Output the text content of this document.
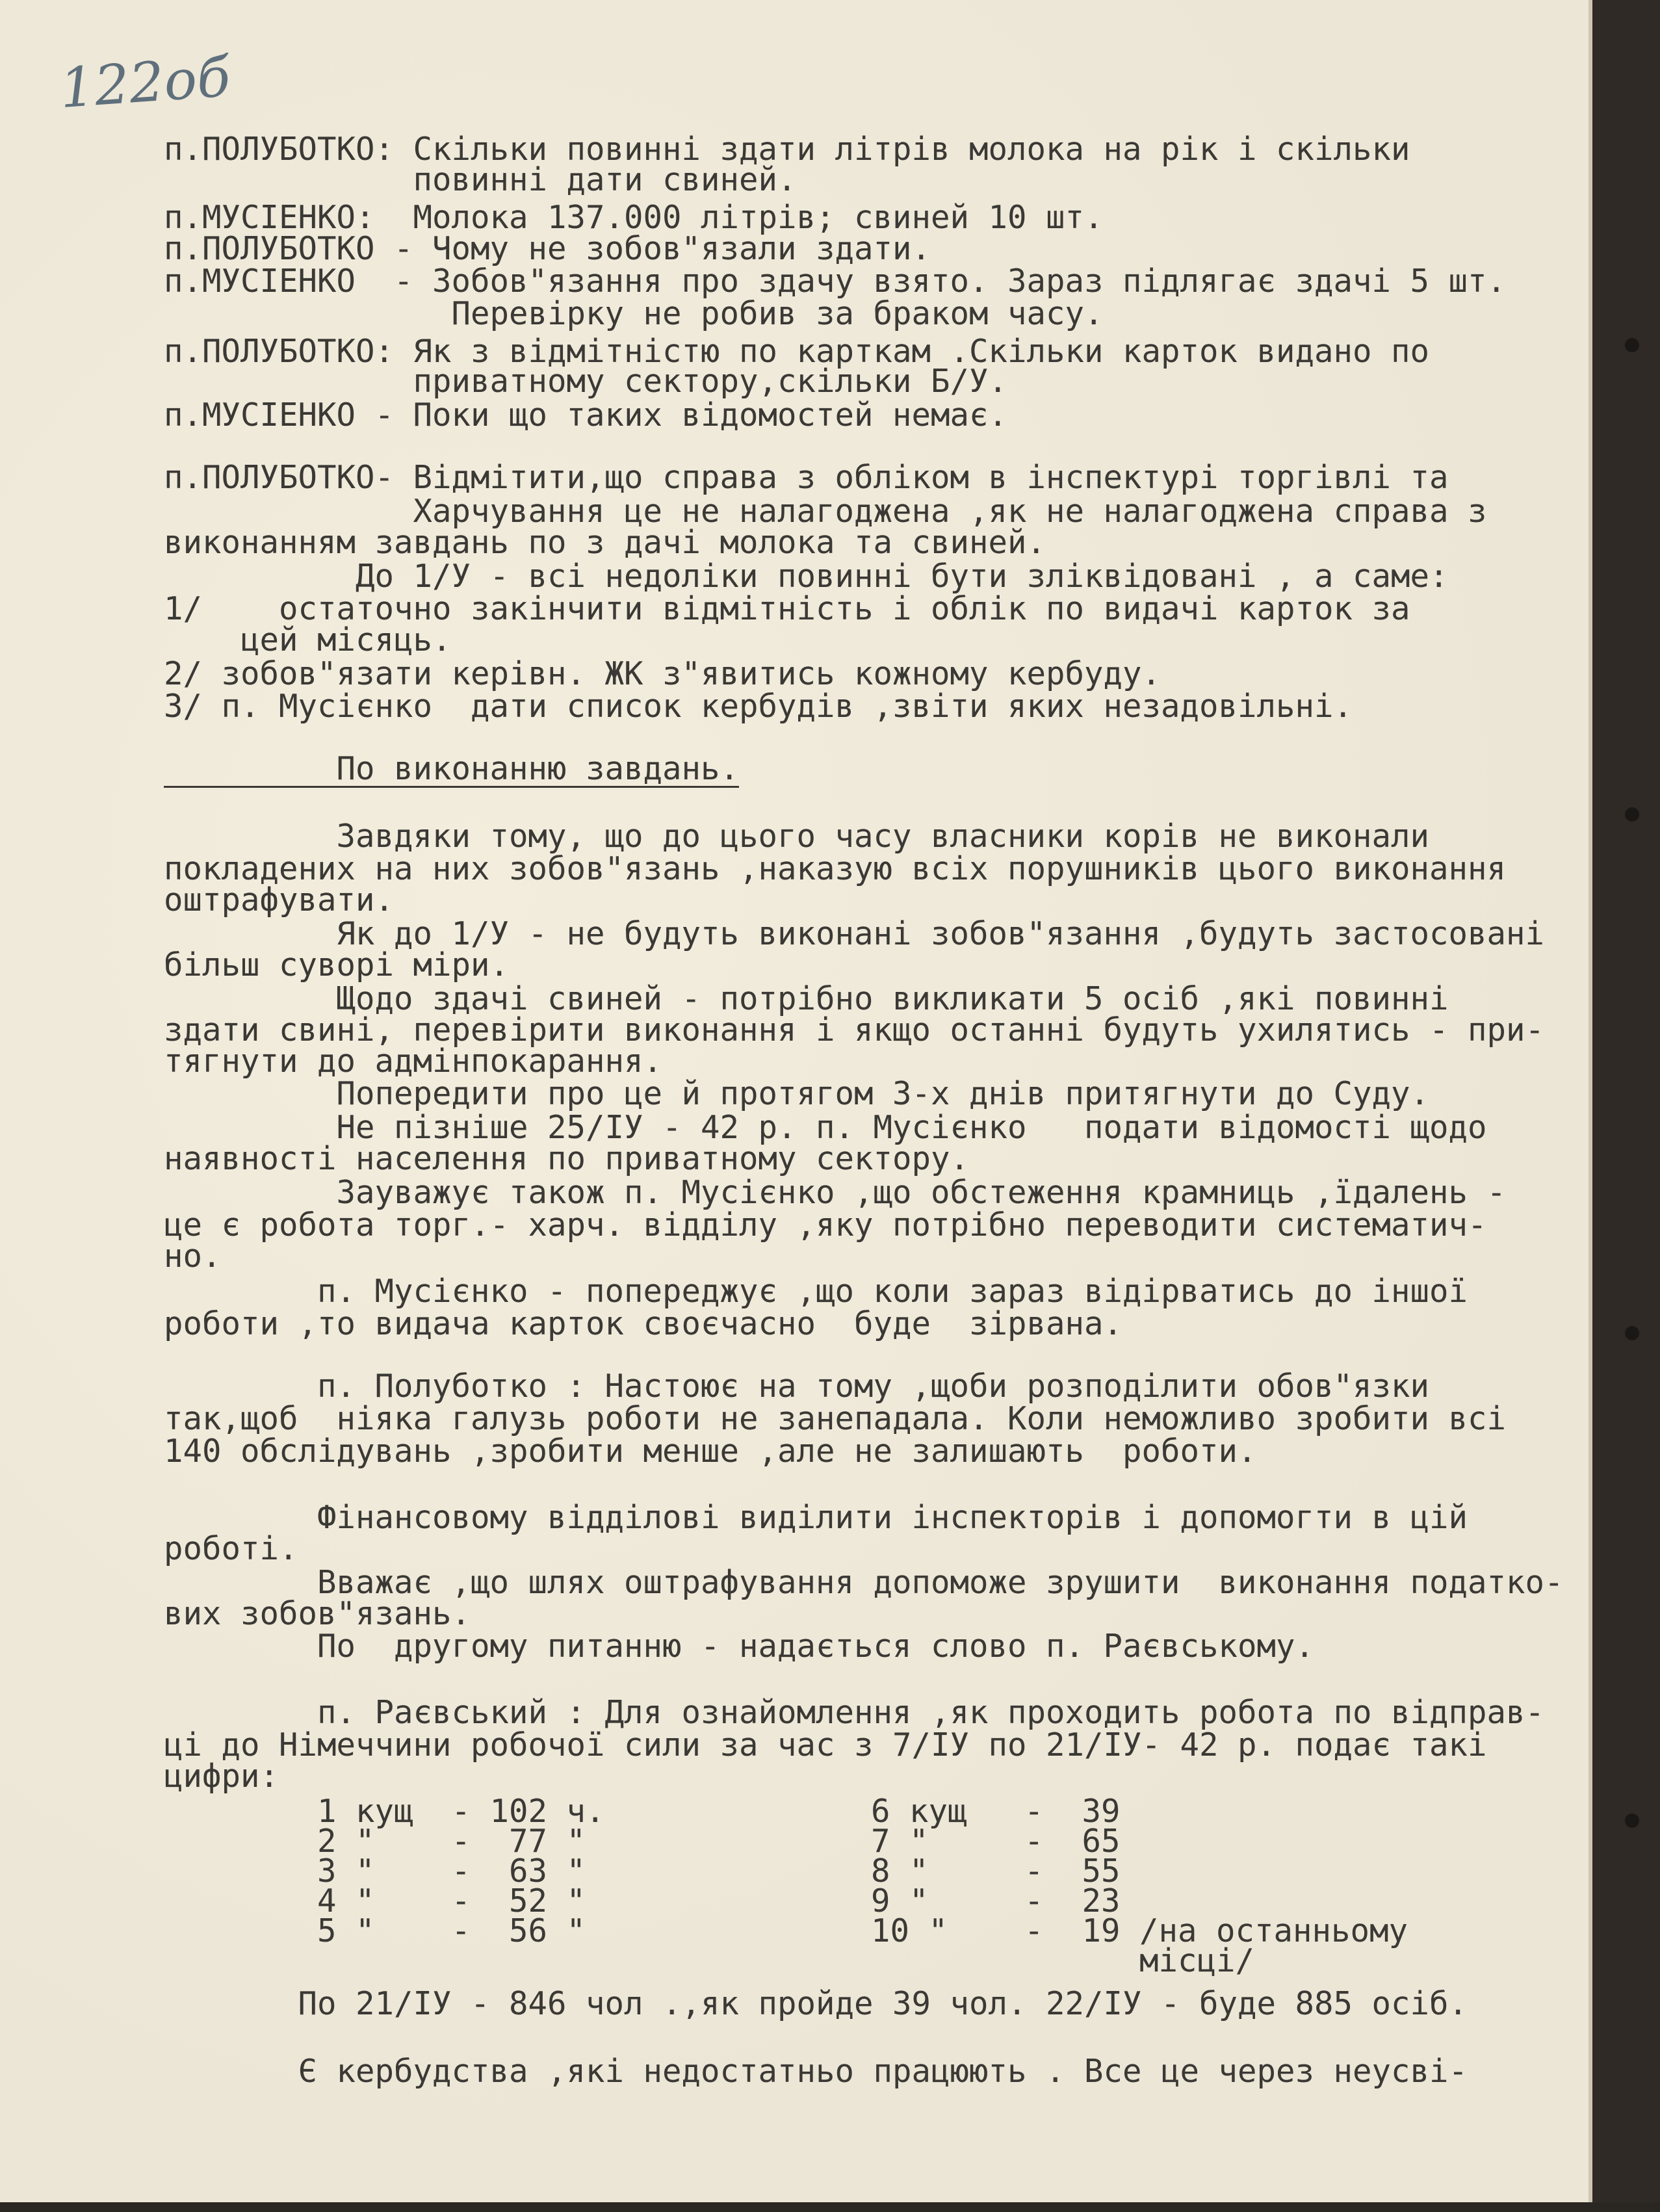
122об

п.ПОЛУБОТКО: Скільки повинні здати літрів молока на рік і скільки

повинні дати свиней.

п.МУСІЕНКО:  Молока 137.000 літрів; свиней 10 шт.

п.ПОЛУБОТКО - Чому не зобов"язали здати.

п.МУСІЕНКО  - Зобов"язання про здачу взято. Зараз підлягає здачі 5 шт.

Перевірку не робив за браком часу.

п.ПОЛУБОТКО: Як з відмітністю по карткам .Скільки карток видано по

приватному сектору,скільки Б/У.

п.МУСІЕНКО - Поки що таких відомостей немає.

п.ПОЛУБОТКО- Відмітити,що справа з обліком в інспектурі торгівлі та

Харчування це не налагоджена ,як не налагоджена справа з

виконанням завдань по з дачі молока та свиней.

До 1/У - всі недоліки повинні бути зліквідовані , а саме:

1/    остаточно закінчити відмітність і облік по видачі карток за

цей місяць.

2/ зобов"язати керівн. ЖК з"явитись кожному кербуду.

3/ п. Мусієнко  дати список кербудів ,звіти яких незадовільні.

По виконанню завдань.

Завдяки тому, що до цього часу власники корів не виконали

покладених на них зобов"язань ,наказую всіх порушників цього виконання

оштрафувати.

Як до 1/У - не будуть виконані зобов"язання ,будуть застосовані

більш суворі міри.

Щодо здачі свиней - потрібно викликати 5 осіб ,які повинні

здати свині, перевірити виконання і якщо останні будуть ухилятись - при-

тягнути до адмінпокарання.

Попередити про це й протягом 3-х днів притягнути до Суду.

Не пізніше 25/ІУ - 42 р. п. Мусієнко   подати відомості щодо

наявності населення по приватному сектору.

Зауважує також п. Мусієнко ,що обстеження крамниць ,їдалень -

це є робота торг.- харч. відділу ,яку потрібно переводити систематич-

но.

п. Мусієнко - попереджує ,що коли зараз відірватись до іншої

роботи ,то видача карток своєчасно  буде  зірвана.

п. Полуботко : Настоює на тому ,щоби розподілити обов"язки

так,щоб  ніяка галузь роботи не занепадала. Коли неможливо зробити всі

140 обслідувань ,зробити менше ,але не залишають  роботи.

Фінансовому відділові виділити інспекторів і допомогти в цій

роботі.

Вважає ,що шлях оштрафування допоможе зрушити  виконання податко-

вих зобов"язань.

По  другому питанню - надається слово п. Раєвському.

п. Раєвський : Для ознайомлення ,як проходить робота по відправ-

ці до Німеччини робочої сили за час з 7/ІУ по 21/ІУ- 42 р. подає такі

цифри:

1 кущ  - 102 ч.

2 "    -  77 "

3 "    -  63 "

4 "    -  52 "

5 "    -  56 "

6 кущ   -  39

7 "     -  65

8 "     -  55

9 "     -  23

10 "    -  19 /на останньому

місці/

По 21/ІУ - 846 чол .,як пройде 39 чол. 22/ІУ - буде 885 осіб.

Є кербудства ,які недостатньо працюють . Все це через неусві-
